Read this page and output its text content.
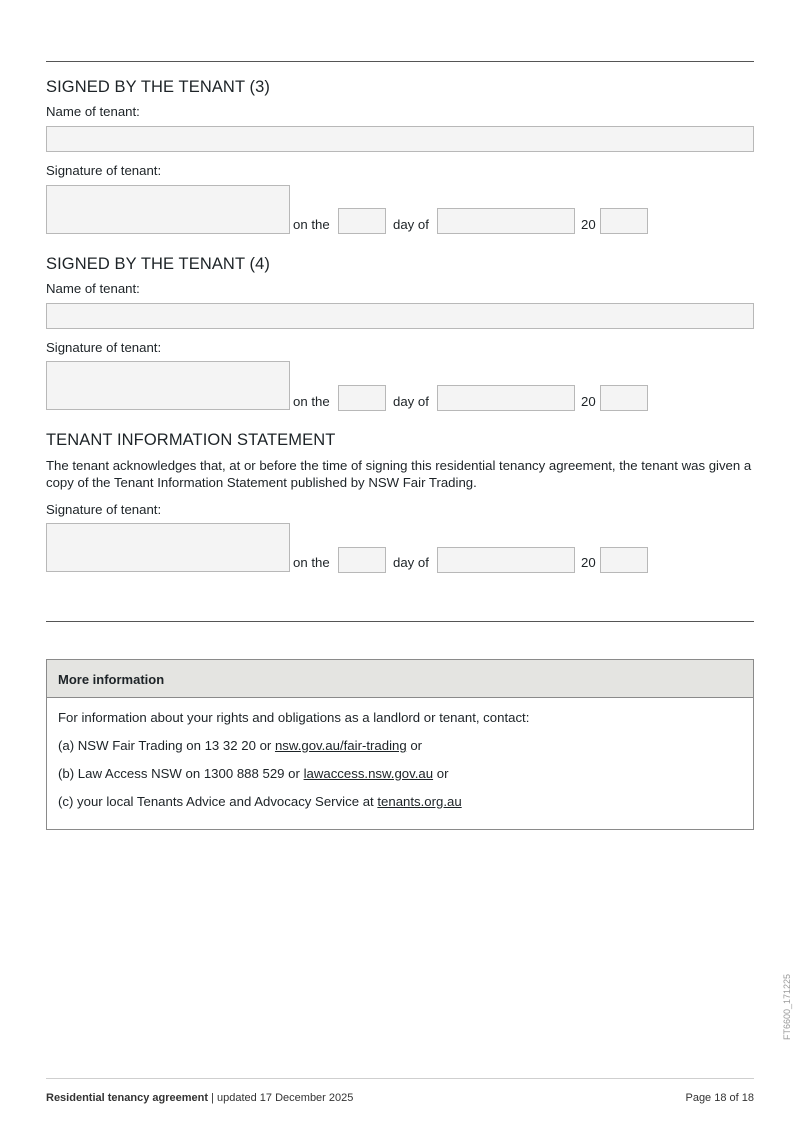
SIGNED BY THE TENANT (3)
Name of tenant:
Signature of tenant:
on the	day of	20
SIGNED BY THE TENANT (4)
Name of tenant:
Signature of tenant:
on the	day of	20
TENANT INFORMATION STATEMENT
The tenant acknowledges that, at or before the time of signing this residential tenancy agreement, the tenant was given a copy of the Tenant Information Statement published by NSW Fair Trading.
Signature of tenant:
on the	day of	20
More information
For information about your rights and obligations as a landlord or tenant, contact:
(a) NSW Fair Trading on 13 32 20 or nsw.gov.au/fair-trading or
(b) Law Access NSW on 1300 888 529 or lawaccess.nsw.gov.au or
(c) your local Tenants Advice and Advocacy Service at tenants.org.au
Residential tenancy agreement | updated 17 December 2025	Page 18 of 18
FT6600_171225
